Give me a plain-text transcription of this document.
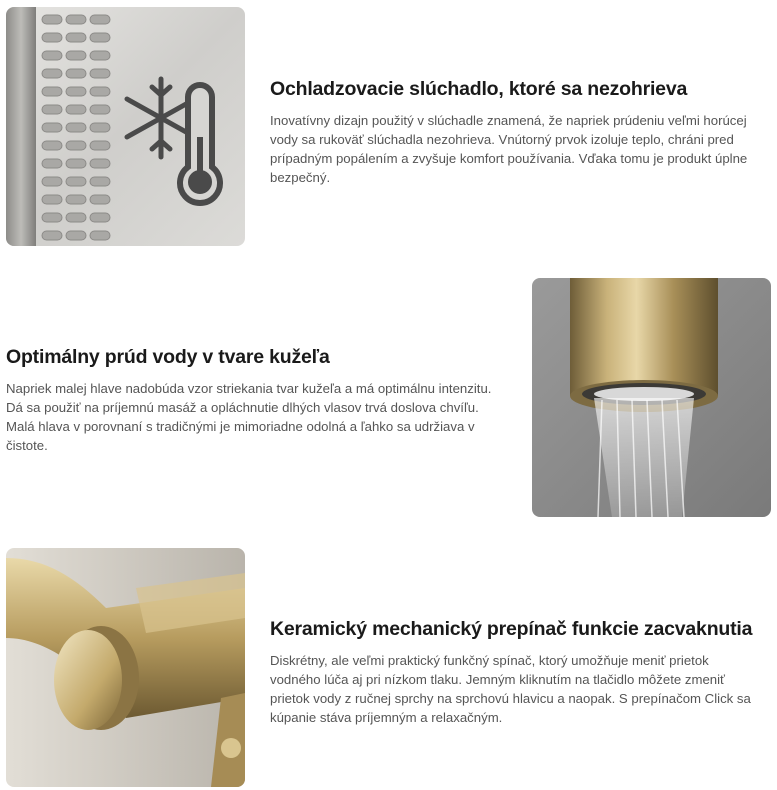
Ochladzovacie slúchadlo, ktoré sa nezohrieva

Inovatívny dizajn použitý v slúchadle znamená, že napriek prúdeniu veľmi horúcej
vody sa rukoväť slúchadla nezohrieva. Vnútorný prvok izoluje teplo, chráni pred
prípadným popálením a zvyšuje komfort používania. Vďaka tomu je produkt úplne
bezpečný.

Optimálny prúd vody v tvare kužeľa

Napriek malej hlave nadobúda vzor striekania tvar kužeľa a má optimálnu intenzitu.
Dá sa použiť na príjemnú masáž a opláchnutie dlhých vlasov trvá doslova chvíľu.
Malá hlava v porovnaní s tradičnými je mimoriadne odolná a ľahko sa udržiava v
čistote.

Keramický mechanický prepínač funkcie zacvaknutia

Diskrétny, ale veľmi praktický funkčný spínač, ktorý umožňuje meniť prietok
vodného lúča aj pri nízkom tlaku. Jemným kliknutím na tlačidlo môžete zmeniť
prietok vody z ručnej sprchy na sprchovú hlavicu a naopak. S prepínačom Click sa
kúpanie stáva príjemným a relaxačným.
